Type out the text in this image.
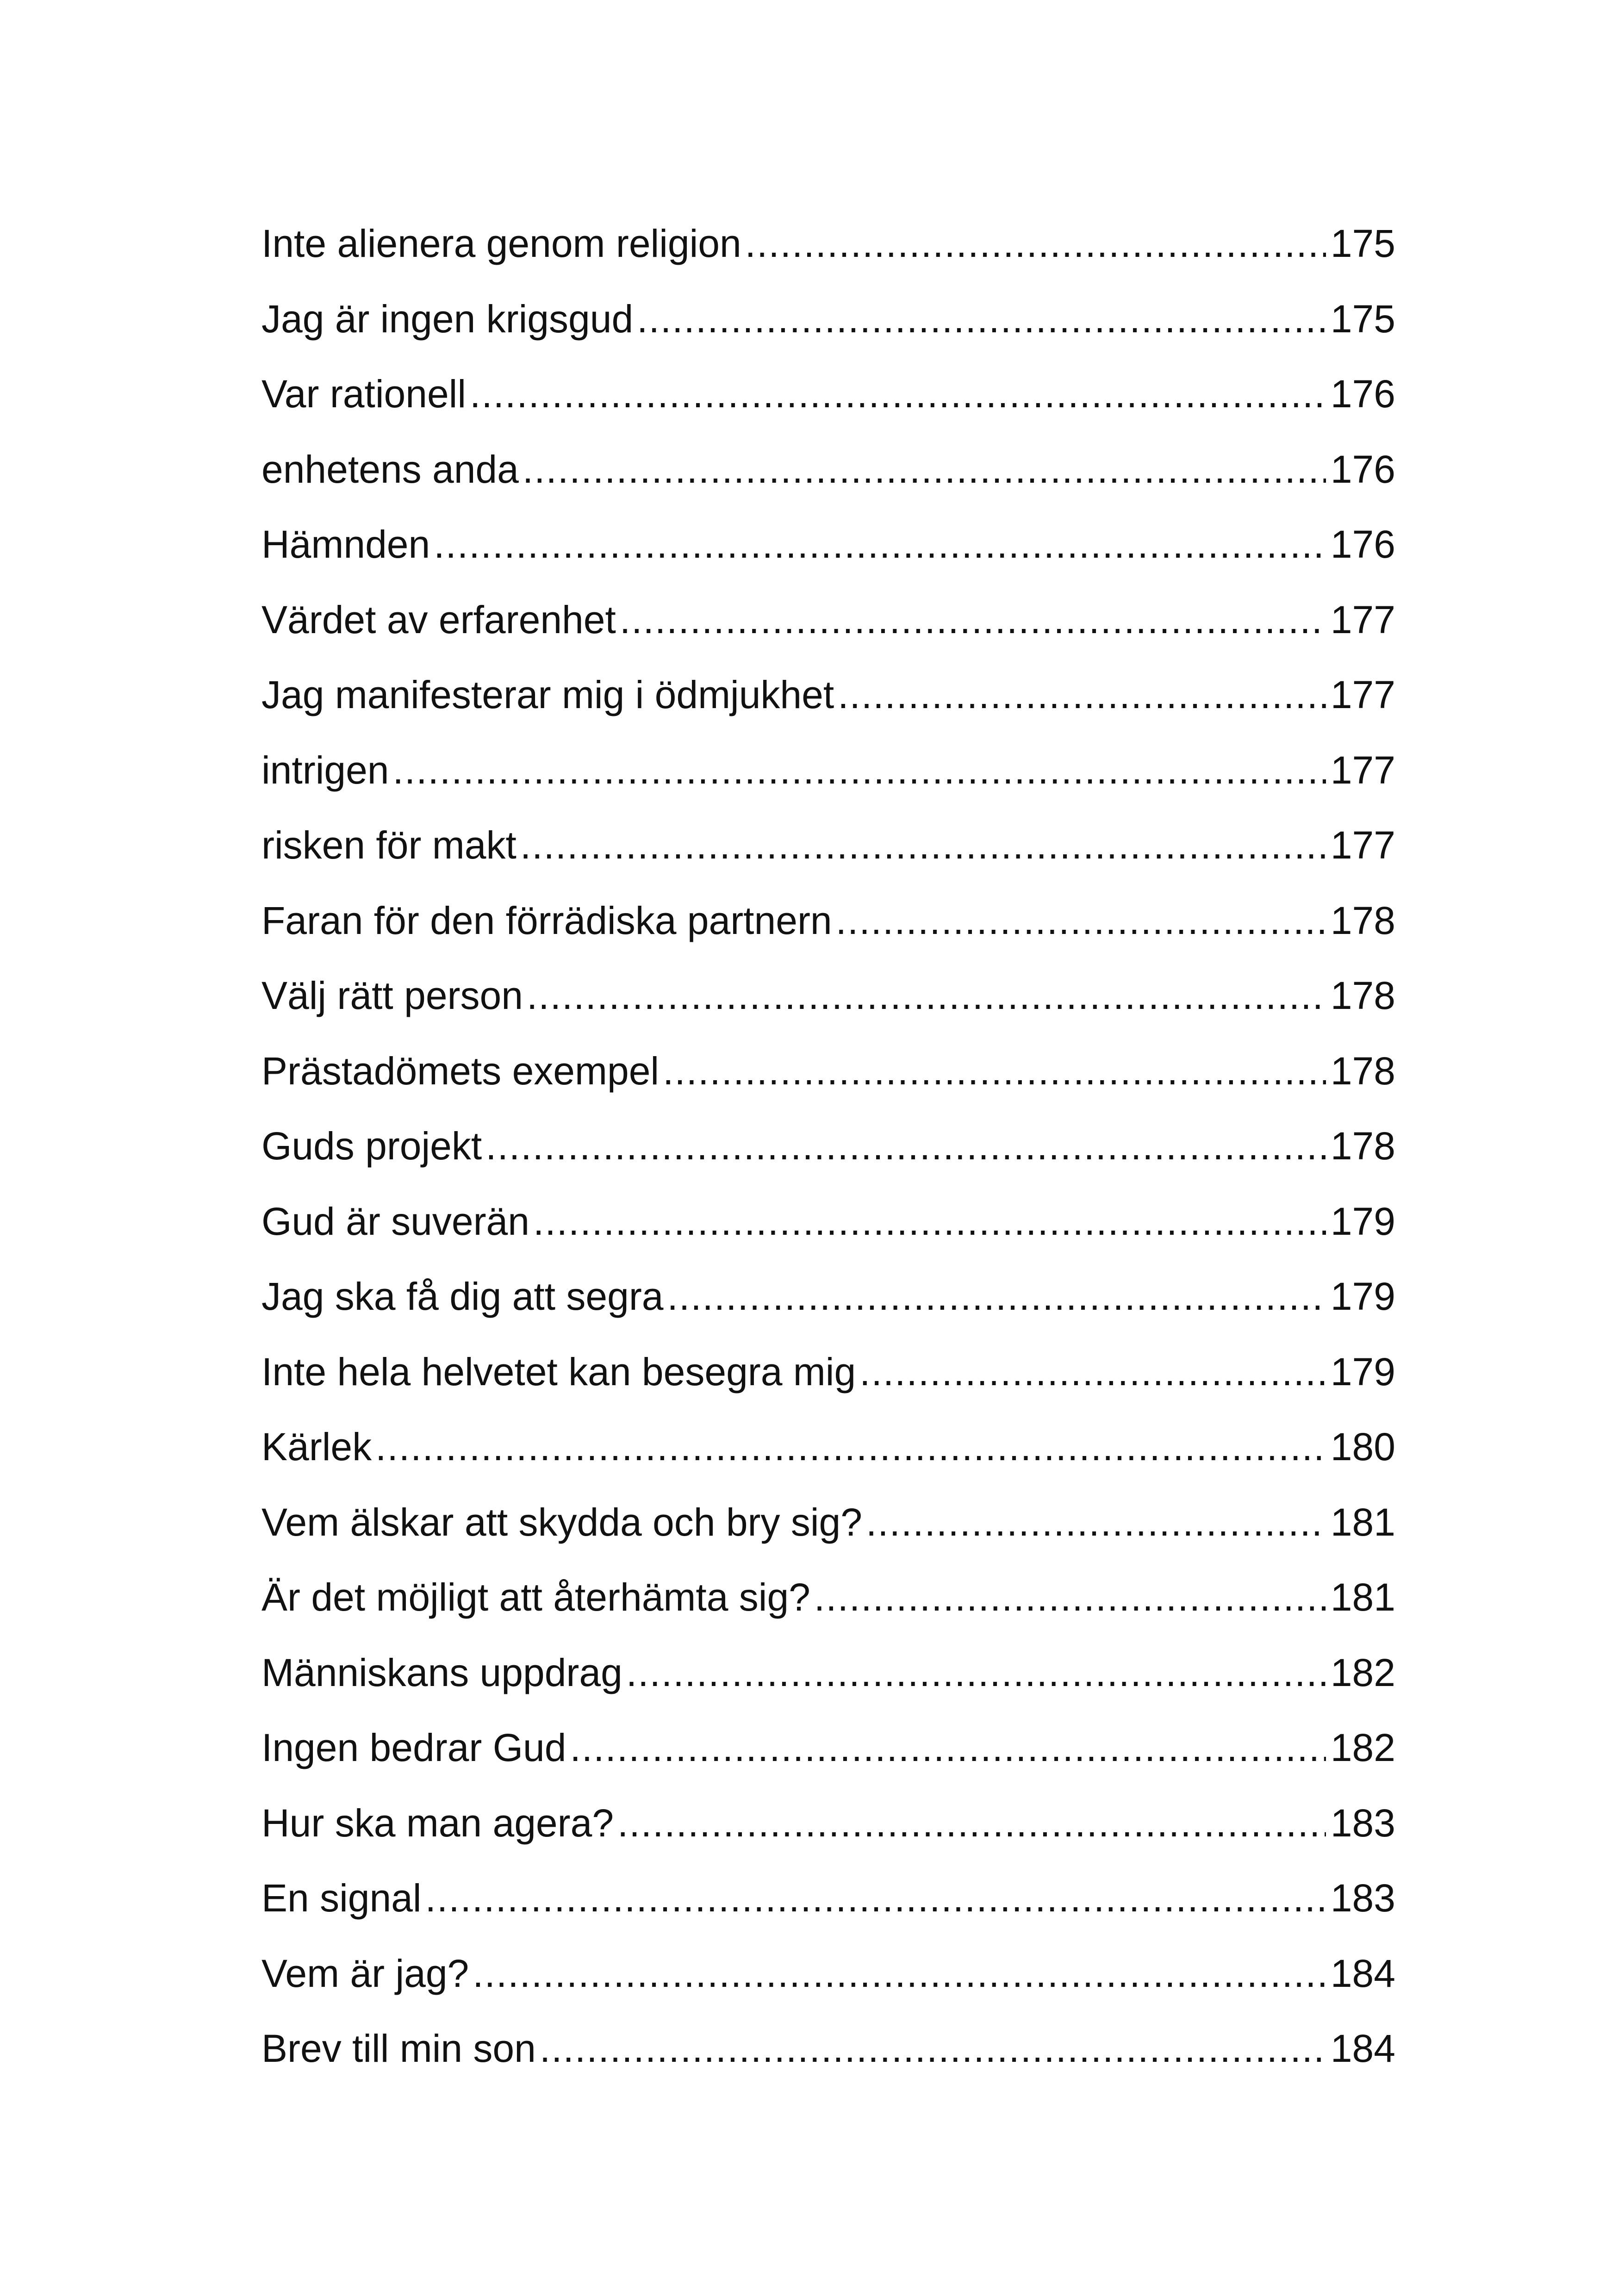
Inte alienera genom religion .....	175
Jag är ingen krigsgud .....	175
Var rationell .....	176
enhetens anda .....	176
Hämnden .....	176
Värdet av erfarenhet .....	177
Jag manifesterar mig i ödmjukhet .....	177
intrigen .....	177
risken för makt .....	177
Faran för den förrädiska partnern .....	178
Välj rätt person .....	178
Prästadömets exempel .....	178
Guds projekt .....	178
Gud är suverän .....	179
Jag ska få dig att segra .....	179
Inte hela helvetet kan besegra mig .....	179
Kärlek .....	180
Vem älskar att skydda och bry sig? .....	181
Är det möjligt att återhämta sig? .....	181
Människans uppdrag .....	182
Ingen bedrar Gud .....	182
Hur ska man agera? .....	183
En signal .....	183
Vem är jag? .....	184
Brev till min son .....	184
